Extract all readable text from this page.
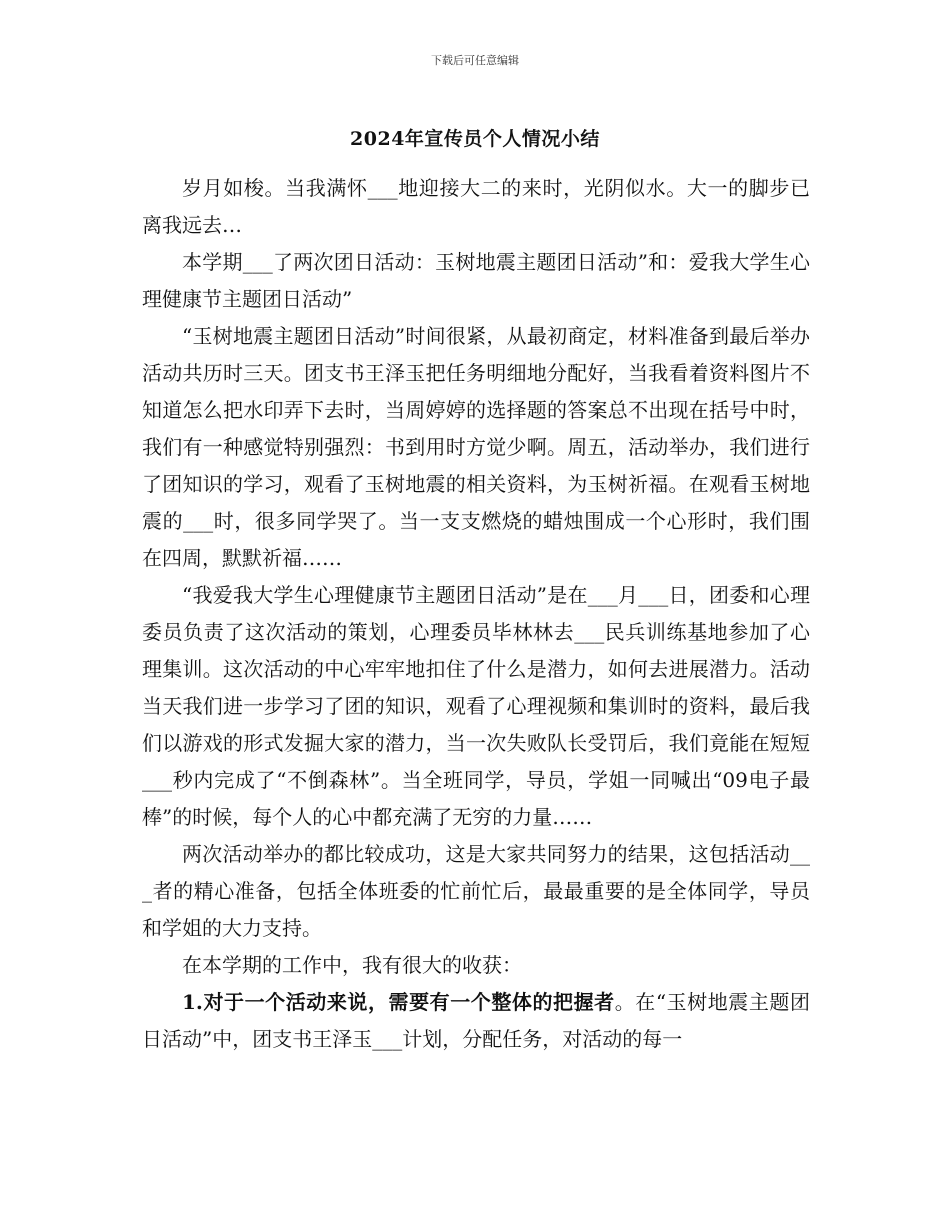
下载后可任意编辑
2024年宣传员个人情况小结

岁月如梭。当我满怀___地迎接大二的来时，光阴似水。大一的脚步已离我远去…

本学期___了两次团日活动：玉树地震主题团日活动”和：爱我大学生心理健康节主题团日活动”

“玉树地震主题团日活动”时间很紧，从最初商定，材料准备到最后举办活动共历时三天。团支书王泽玉把任务明细地分配好，当我看着资料图片不知道怎么把水印弄下去时，当周婷婷的选择题的答案总不出现在括号中时，我们有一种感觉特别强烈：书到用时方觉少啊。周五，活动举办，我们进行了团知识的学习，观看了玉树地震的相关资料，为玉树祈福。在观看玉树地震的___时，很多同学哭了。当一支支燃烧的蜡烛围成一个心形时，我们围在四周，默默祈福……

“我爱我大学生心理健康节主题团日活动”是在___月___日，团委和心理委员负责了这次活动的策划，心理委员毕林林去___民兵训练基地参加了心理集训。这次活动的中心牢牢地扣住了什么是潜力，如何去进展潜力。活动当天我们进一步学习了团的知识，观看了心理视频和集训时的资料，最后我们以游戏的形式发掘大家的潜力，当一次失败队长受罚后，我们竟能在短短___秒内完成了“不倒森林”。当全班同学，导员，学姐一同喊出“09电子最棒”的时候，每个人的心中都充满了无穷的力量……

两次活动举办的都比较成功，这是大家共同努力的结果，这包括活动___者的精心准备，包括全体班委的忙前忙后，最最重要的是全体同学，导员和学姐的大力支持。

在本学期的工作中，我有很大的收获：

1.对于一个活动来说，需要有一个整体的把握者。在“玉树地震主题团日活动”中，团支书王泽玉___计划，分配任务，对活动的每一
